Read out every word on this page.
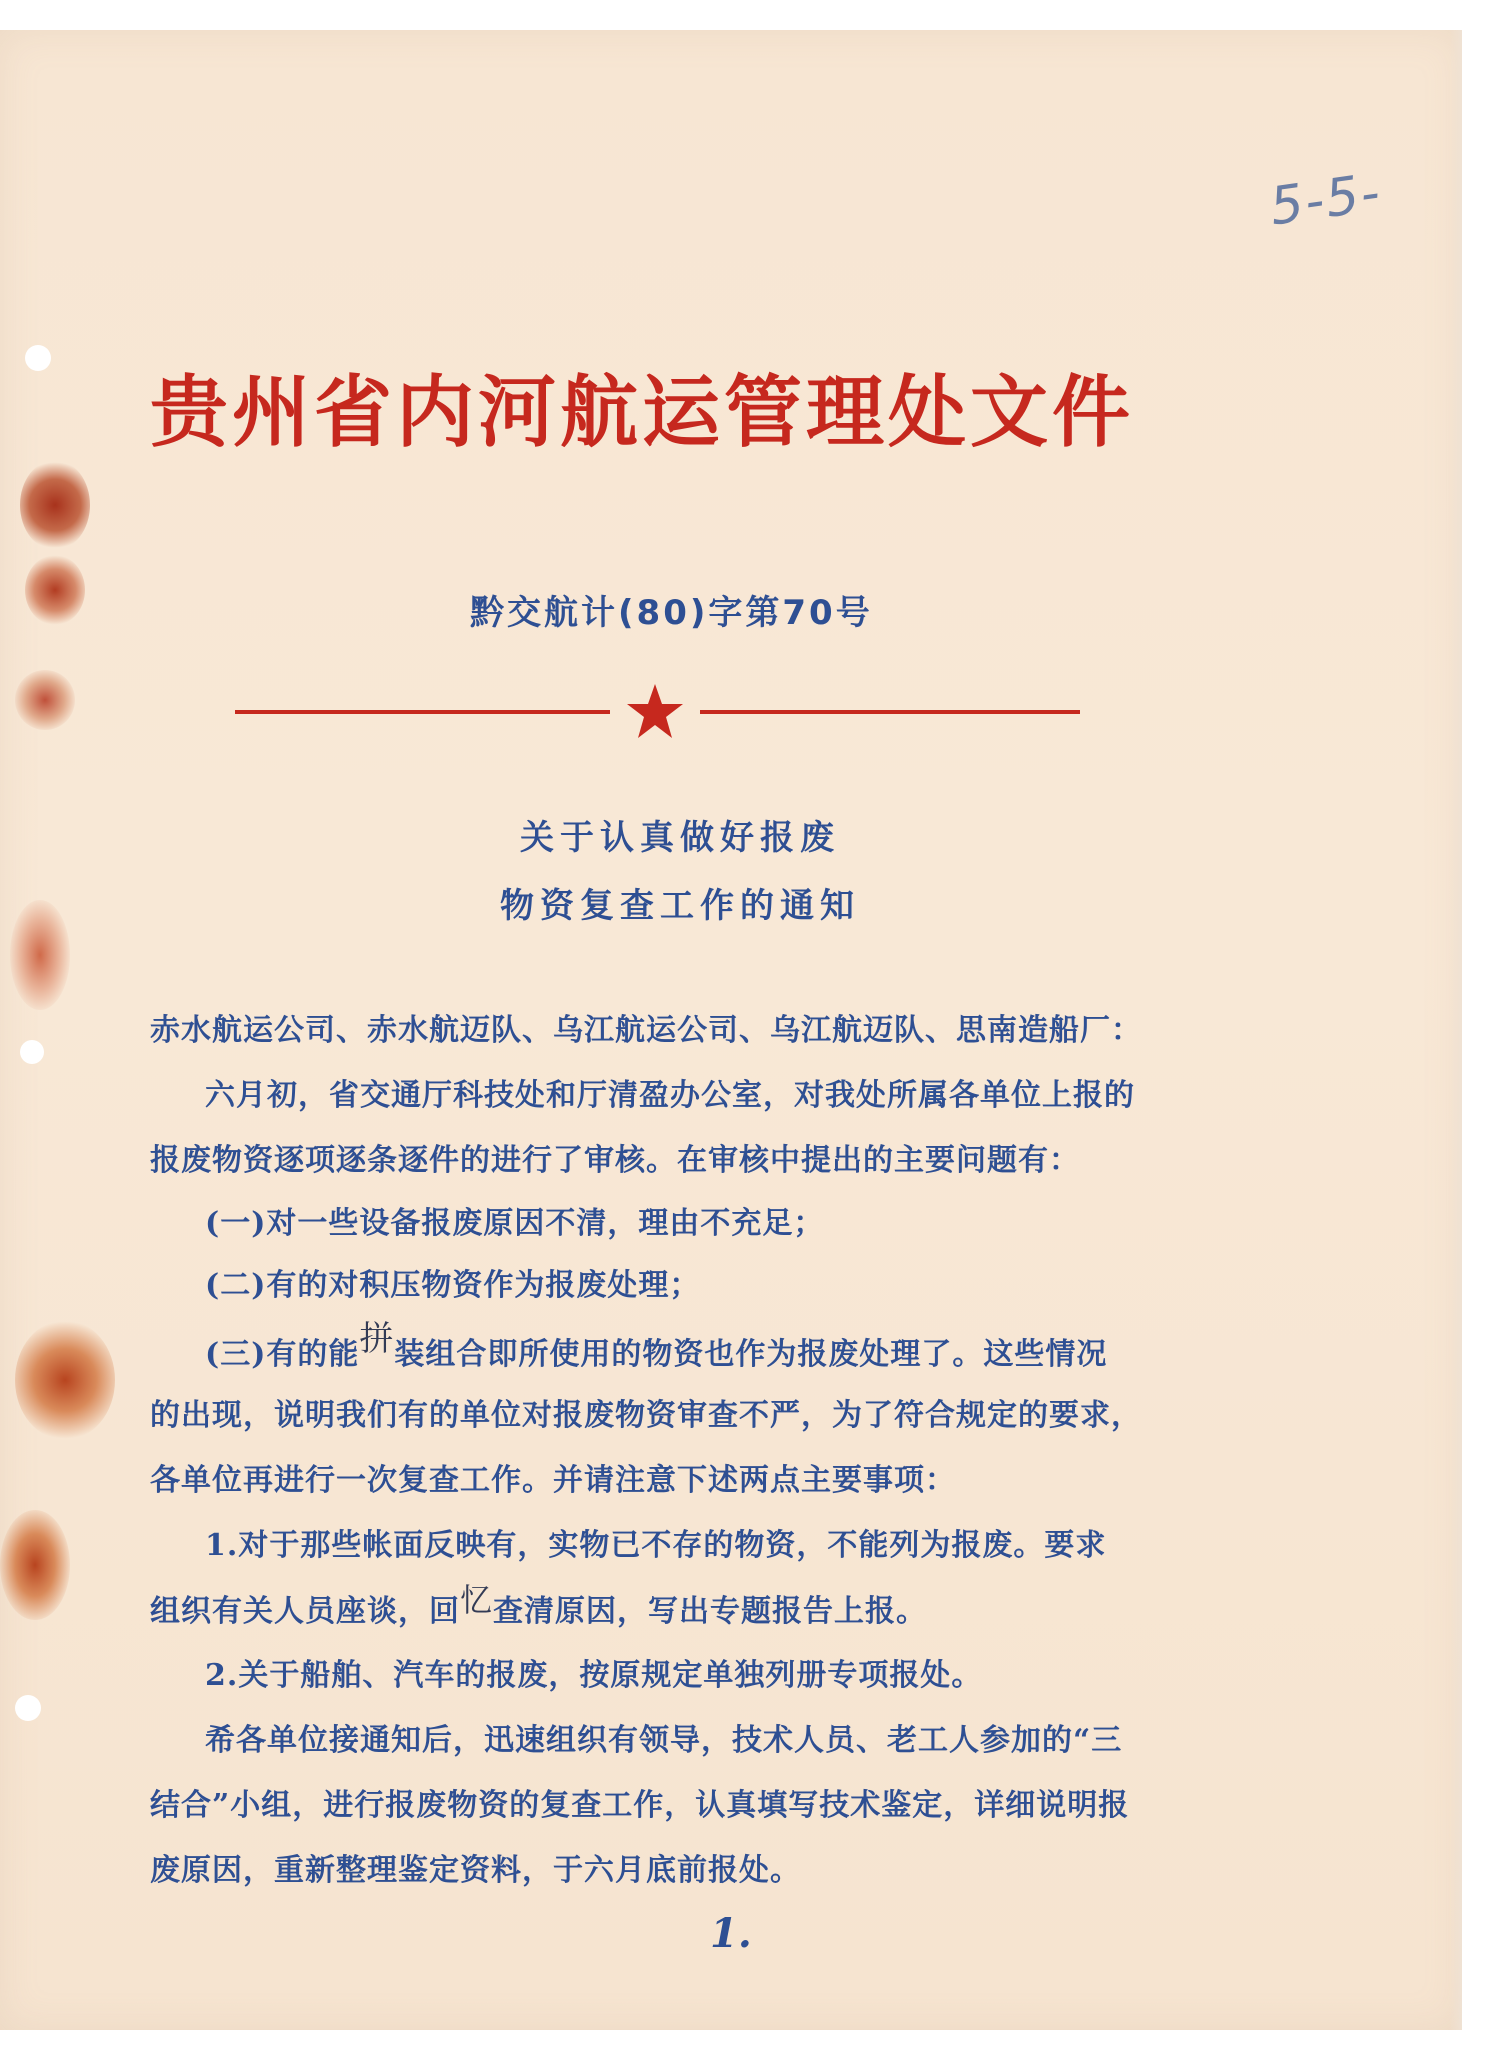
5-5-
贵州省内河航运管理处文件
黔交航计(80)字第70号
关于认真做好报废
物资复查工作的通知
赤水航运公司、赤水航迈队、乌江航运公司、乌江航迈队、思南造船厂：
六月初，省交通厅科技处和厅清盈办公室，对我处所属各单位上报的
报废物资逐项逐条逐件的进行了审核。在审核中提出的主要问题有：
(一)对一些设备报废原因不清，理由不充足；
(二)有的对积压物资作为报废处理；
(三)有的能拼装组合即所使用的物资也作为报废处理了。这些情况
的出现，说明我们有的单位对报废物资审查不严，为了符合规定的要求，
各单位再进行一次复查工作。并请注意下述两点主要事项：
1.对于那些帐面反映有，实物已不存的物资，不能列为报废。要求
组织有关人员座谈，回忆查清原因，写出专题报告上报。
2.关于船舶、汽车的报废，按原规定单独列册专项报处。
希各单位接通知后，迅速组织有领导，技术人员、老工人参加的“三
结合”小组，进行报废物资的复查工作，认真填写技术鉴定，详细说明报
废原因，重新整理鉴定资料，于六月底前报处。
1.
